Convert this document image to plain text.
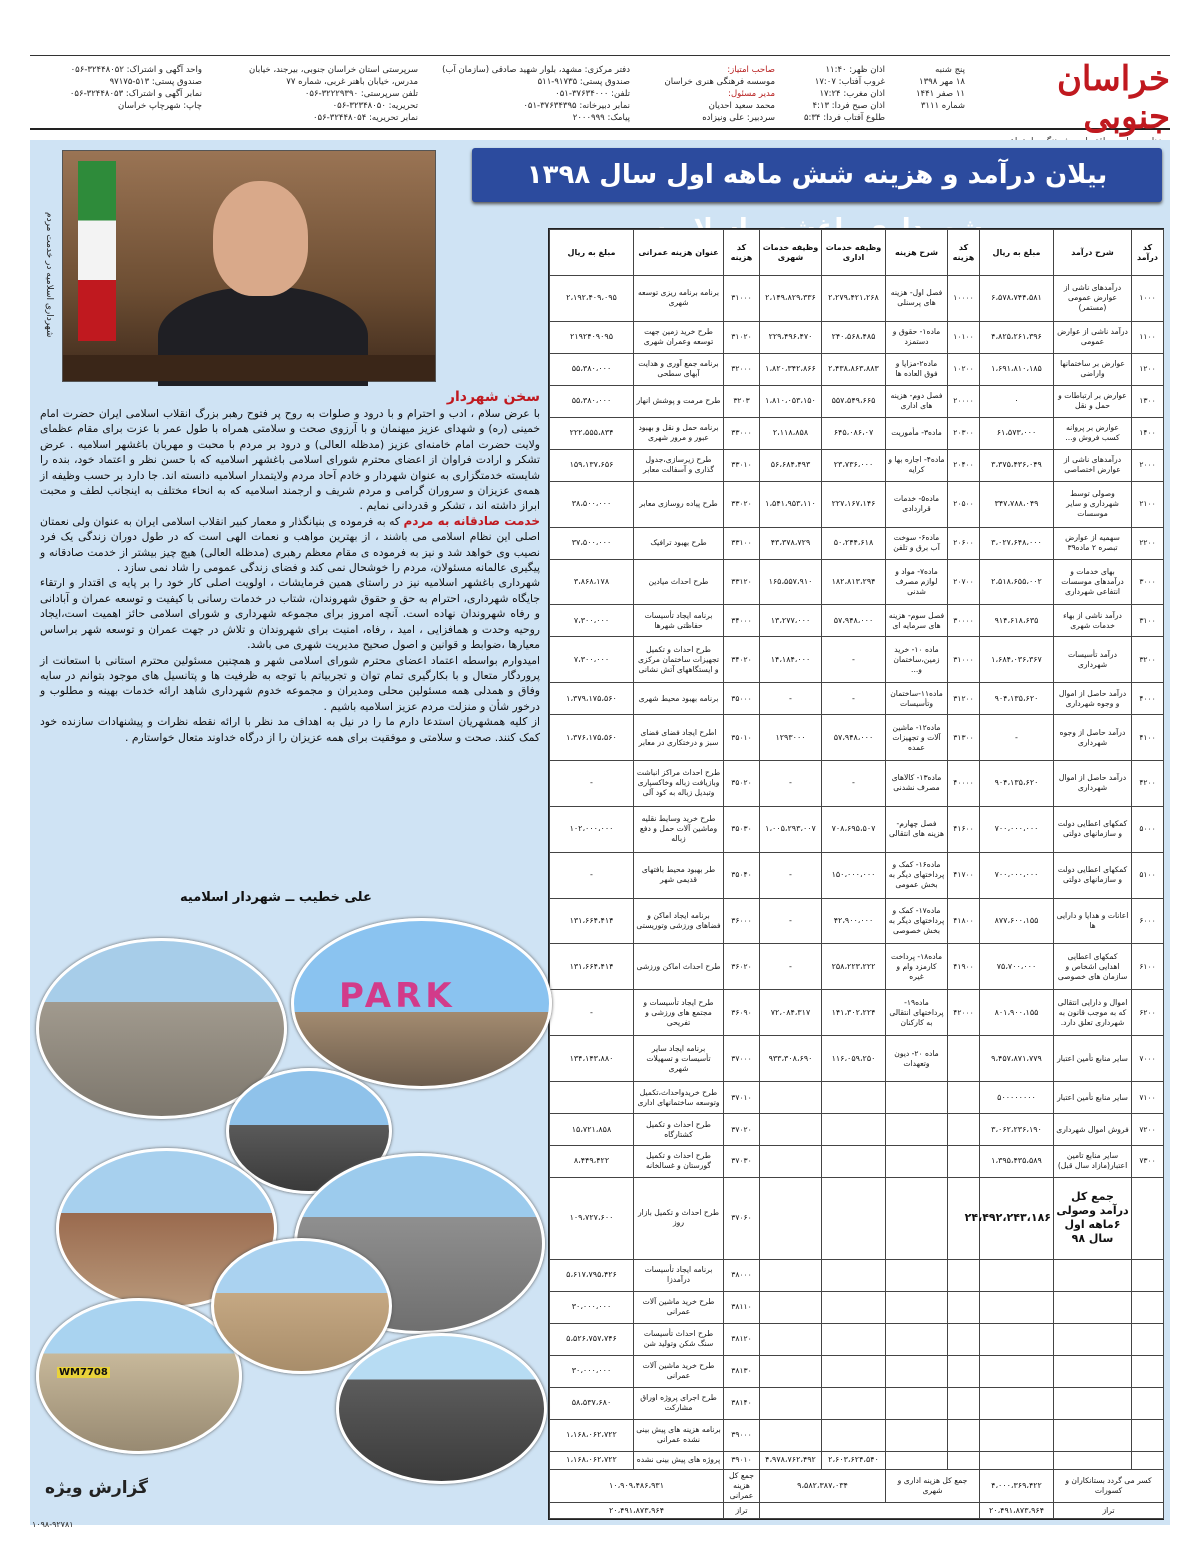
خراسان جنوبی
پنج شنبه
۱۸ مهر ۱۳۹۸
۱۱ صفر ۱۴۴۱
شماره ۳۱۱۱
اذان ظهر: ۱۱:۴۰
غروب آفتاب: ۱۷:۰۷
اذان مغرب: ۱۷:۲۴
اذان صبح فردا: ۴:۱۳
طلوع آفتاب فردا: ۵:۳۴
صاحب امتیاز:
موسسه فرهنگی هنری خراسان
مدیر مسئول:
محمد سعید احدیان
سردبیر: علی ونیزاده
دفتر مرکزی: مشهد، بلوار شهید صادقی (سازمان آب)
صندوق پستی: ۹۱۷۳۵-۵۱۱
تلفن: ۳۷۶۳۴۰۰۰-۰۵۱
نمابر دبیرخانه: ۳۷۶۳۴۳۹۵-۰۵۱
پیامک: ۲۰۰۰۹۹۹
سرپرستی استان خراسان جنوبی، بیرجند، خیابان
مدرس، خیابان باهنر غربی، شماره ۷۷
تلفن سرپرستی: ۳۲۲۲۹۳۹۰-۰۵۶
تحریریه: ۳۲۳۴۸۰۵۰-۰۵۶
نمابر تحریریه: ۳۲۴۴۸۰۵۴-۰۵۶
واحد آگهی و اشتراک: ۳۲۴۴۸۰۵۲-۰۵۶
صندوق پستی: ۵۱۳-۹۷۱۷۵
نمابر آگهی و اشتراک: ۳۲۴۴۸۰۵۳-۰۵۶
چاپ: شهرچاپ خراسان
بیلان درآمد و هزینه شش ماهه اول سال ۱۳۹۸
کد درآمد	شرح درآمد	مبلغ به ریال	کد هزینه	شرح هزینه	وظیفه خدمات اداری	وظیفه خدمات شهری	کد هزینه	عنوان هزینه عمرانی	مبلغ به ریال
۱۰۰۰	درآمدهای ناشی از عوارض عمومی (مستمر)	۶،۵۷۸،۷۴۴،۵۸۱	۱۰۰۰۰	فصل اول- هزینه های پرسنلی	۲،۲۷۹،۴۲۱،۲۶۸	۲،۱۴۹،۸۲۹،۳۳۶	۳۱۰۰۰	برنامه برنامه ریزی توسعه شهری	۲،۱۹۲،۴۰۹،۰۹۵
۱۱۰۰	درآمد ناشی از عوارض عمومی	۴،۸۲۵،۲۶۱،۳۹۶	۱۰۱۰۰	ماده۱- حقوق و دستمزد	۲۴۰،۵۶۸،۴۸۵	۲۲۹،۴۹۶،۴۷۰	۳۱۰۲۰	طرح خرید زمین جهت توسعه وعمران شهری	۲۱۹۲۴۰۹۰۹۵
۱۲۰۰	عوارض بر ساختمانها واراضی	۱،۶۹۱،۸۱۰،۱۸۵	۱۰۲۰۰	ماده۲-مزایا و فوق العاده ها	۲،۴۳۸،۸۶۳،۸۸۳	۱،۸۲۰،۳۴۲،۸۶۶	۳۲۰۰۰	برنامه جمع آوری و هدایت آبهای سطحی	۵۵،۳۸۰،۰۰۰
۱۳۰۰	عوارض بر ارتباطات و حمل و نقل	۰	۲۰۰۰۰	فصل دوم- هزینه های اداری	۵۵۷،۵۴۹،۶۶۵	۱،۸۱۰،۰۵۳،۱۵۰	۳۲۰۳	طرح مرمت و پوشش انهار	۵۵،۳۸۰،۰۰۰
۱۴۰۰	عوارض بر پروانه کسب فروش و...	۶۱،۵۷۳،۰۰۰	۲۰۳۰۰	ماده۳- مأموریت	۶۴۵،۰۸۶،۰۷	۲،۱۱۸،۸۵۸	۳۳۰۰۰	برنامه حمل و نقل و بهبود عبور و مرور شهری	۲۲۲،۵۵۵،۸۳۴
۲۰۰۰	درآمدهای ناشی از عوارض اختصاصی	۳،۳۷۵،۴۳۶،۰۴۹	۲۰۴۰۰	ماده۴- اجاره بها و کرایه	۲۳،۷۳۶،۰۰۰	۵۶،۶۸۴،۴۹۳	۳۳۰۱۰	طرح زیرسازی،جدول گذاری و آسفالت معابر	۱۵۹،۱۳۷،۶۵۶
۲۱۰۰	وصولی توسط شهرداری و سایر موسسات	۳۴۷،۷۸۸،۰۴۹	۲۰۵۰۰	ماده۵- خدمات قراردادی	۲۲۷،۱۶۷،۱۴۶	۱،۵۴۱،۹۵۳،۱۱۰	۳۳۰۲۰	طرح پیاده روسازی معابر	۳۸،۵۰۰،۰۰۰
۲۲۰۰	سهمیه از عوارض تبصره ۲ ماده۳۹	۳،۰۲۷،۶۴۸،۰۰۰	۲۰۶۰۰	ماده۶- سوخت آب برق و تلفن	۵۰،۲۴۴،۶۱۸	۴۳،۳۷۸،۷۲۹	۳۳۱۰۰	طرح بهبود ترافیک	۳۷،۵۰۰،۰۰۰
۳۰۰۰	بهای خدمات و درآمدهای موسسات انتفاعی شهرداری	۲،۵۱۸،۶۵۵،۰۰۲	۲۰۷۰۰	ماده۷- مواد و لوازم مصرف شدنی	۱۸۲،۸۱۳،۲۹۴	۱۶۵،۵۵۷،۹۱۰	۳۳۱۲۰	طرح احداث میادین	۳،۸۶۸،۱۷۸
۳۱۰۰	درآمد ناشی از بهاء خدمات شهری	۹۱۴،۶۱۸،۶۳۵	۳۰۰۰۰	فصل سوم- هزینه های سرمایه ای	۵۷،۹۴۸،۰۰۰	۱۳،۲۷۷،۰۰۰	۳۴۰۰۰	برنامه ایجاد تأسیسات حفاظتی شهرها	۷،۳۰۰،۰۰۰
۳۲۰۰	درآمد تأسیسات شهرداری	۱،۶۸۴،۰۳۶،۳۶۷	۳۱۰۰۰	ماده ۱۰- خرید زمین،ساختمان و...	-	۱۴،۱۸۴،۰۰۰	۳۴۰۲۰	طرح احداث و تکمیل تجهیزات ساختمان مرکزی و ایستگاههای آتش نشانی	۷،۳۰۰،۰۰۰
۴۰۰۰	درآمد حاصل از اموال و وجوه شهرداری	۹۰۴،۱۳۵،۶۲۰	۳۱۲۰۰	ماده۱۱-ساختمان وتأسیسات	-	-	۳۵۰۰۰	برنامه بهبود محیط شهری	۱،۳۷۹،۱۷۵،۵۶۰
۴۱۰۰	درآمد حاصل از وجوه شهرداری	-	۳۱۳۰۰	ماده۱۲- ماشین آلات و تجهیزات عمده	۵۷،۹۴۸،۰۰۰	۱۲۹۳۰۰۰	۳۵۰۱۰	اطرح ایجاد فضای فضای سبز و درختکاری در معابر	۱،۳۷۶،۱۷۵،۵۶۰
۴۲۰۰	درآمد حاصل از اموال شهرداری	۹۰۴،۱۳۵،۶۲۰	۴۰۰۰۰	ماده۱۳- کالاهای مصرف نشدنی	-	-	۳۵۰۲۰	طرح احداث مراکز انباشت وبازیافت زباله وخاکسپاری وتبدیل زباله به کود آلی	-
۵۰۰۰	کمکهای اعطایی دولت و سازمانهای دولتی	۷۰۰،۰۰۰،۰۰۰	۴۱۶۰۰	فصل چهارم- هزینه های انتقالی	۷۰۸،۶۹۵،۵۰۷	۱،۰۰۵،۲۹۳،۰۰۷	۳۵۰۳۰	طرح خرید وسایط نقلیه وماشین آلات حمل و دفع زباله	۱۰۲،۰۰۰،۰۰۰
۵۱۰۰	کمکهای اعطایی دولت و سازمانهای دولتی	۷۰۰،۰۰۰،۰۰۰	۴۱۷۰۰	ماده۱۶- کمک و پرداختهای دیگر به بخش عمومی	۱۵۰،۰۰۰،۰۰۰	-	۳۵۰۴۰	طر بهبود محیط بافتهای قدیمی شهر	-
۶۰۰۰	اعانات و هدایا و دارایی ها	۸۷۷،۶۰۰،۱۵۵	۴۱۸۰۰	ماده۱۷- کمک و پرداختهای دیگر به بخش خصوصی	۴۲،۹۰۰،۰۰۰	-	۳۶۰۰۰	برنامه ایجاد اماکن و فضاهای ورزشی وتوریستی	۱۳۱،۶۶۴،۴۱۴
۶۱۰۰	کمکهای اعطایی اهدایی اشخاص و سازمان های خصوصی	۷۵،۷۰۰،۰۰۰	۴۱۹۰۰	ماده۱۸- پرداخت کارمزد وام و غیره	۲۵۸،۲۲۳،۲۲۲	-	۳۶۰۲۰	طرح احداث اماکن ورزشی	۱۳۱،۶۶۴،۴۱۴
۶۲۰۰	اموال و دارایی انتقالی که به موجب قانون به شهرداری تعلق دارد.	۸۰۱،۹۰۰،۱۵۵	۴۲۰۰۰	ماده۱۹- پرداختهای انتقالی به کارکنان	۱۴۱،۳۰۲،۲۲۴	۷۲،۰۸۴،۳۱۷	۳۶۰۹۰	طرح ایجاد تأسیسات و مجتمع های ورزشی و تفریحی	-
۷۰۰۰	سایر منابع تأمین اعتبار	۹،۴۵۷،۸۷۱،۷۷۹		ماده ۲۰- دیون وتعهدات	۱۱۶،۰۵۹،۲۵۰	۹۳۳،۳۰۸،۶۹۰	۳۷۰۰۰	برنامه ایجاد سایر تأسیسات و تسهیلات شهری	۱۳۴،۱۴۳،۸۸۰
۷۱۰۰	سایر منابع تأمین اعتبار	۵۰۰۰۰۰۰۰۰					۳۷۰۱۰	طرح خریدواحداث،تکمیل وتوسعه ساختمانهای اداری	
۷۲۰۰	فروش اموال شهرداری	۳،۰۶۲،۲۳۶،۱۹۰					۳۷۰۲۰	طرح احداث و تکمیل کشتارگاه	۱۵،۷۲۱،۸۵۸
۷۳۰۰	سایر منابع تامین اعتبار(مازاد سال قبل)	۱،۳۹۵،۴۳۵،۵۸۹					۳۷۰۳۰	طرح احداث و تکمیل گورستان و غسالخانه	۸،۴۴۹،۴۲۲
	جمع کل درآمد وصولی ۶ماهه اول سال ۹۸	۲۴،۴۹۲،۲۴۳،۱۸۶					۳۷۰۶۰	طرح احداث و تکمیل بازار روز	۱۰۹،۷۲۷،۶۰۰
							۳۸۰۰۰	برنامه ایجاد تأسیسات درآمدزا	۵،۶۱۷،۷۹۵،۴۲۶
							۳۸۱۱۰	طرح خرید ماشین آلات عمرانی	۳۰،۰۰۰،۰۰۰
							۳۸۱۲۰	طرح احداث تأسیسات سنگ شکن وتولید شن	۵،۵۲۶،۷۵۷،۷۴۶
							۳۸۱۳۰	طرح خرید ماشین آلات عمرانی	۳۰،۰۰۰،۰۰۰
							۳۸۱۴۰	طرح اجرای پروژه اوراق مشارکت	۵۸،۵۳۷،۶۸۰
							۳۹۰۰۰	برنامه هزینه های پیش بینی نشده عمرانی	۱،۱۶۸،۰۶۲،۷۲۲
					۲،۶۰۳،۶۲۴،۵۴۰	۴،۹۷۸،۷۶۲،۴۹۲	۳۹۰۱۰	پروژه های پیش بینی نشده	۱،۱۶۸،۰۶۲،۷۲۲
کسر می گردد بستانکاران و کسورات		۴،۰۰۰،۳۶۹،۴۲۲	جمع کل هزینه اداری و شهری		۹،۵۸۲،۳۸۷،۰۳۴		جمع کل هزینه عمرانی	۱۰،۹۰۹،۴۸۶،۹۳۱	
تراز		۲۰،۴۹۱،۸۷۳،۹۶۴					تراز	۲۰،۴۹۱،۸۷۳،۹۶۴	
شهرداری اسلامیه در خدمت مردم
سخن شهردار

با عرض سلام ، ادب و احترام و با درود و صلوات به روح پر فتوح رهبر بزرگ انقلاب اسلامی ایران حضرت امام خمینی (ره) و شهدای عزیز میهنمان و با آرزوی صحت و سلامتی همراه با طول عمر با عزت برای مقام عظمای ولایت حضرت امام خامنه‌ای عزیز (مدظله العالی) و درود بر مردم با محبت و مهربان باغشهر اسلامیه . عرض تشکر و ارادت فراوان از اعضای محترم شورای اسلامی باغشهر اسلامیه که با حسن نظر و اعتماد خود، بنده را شایسته خدمتگزاری به عنوان شهردار و خادم آحاد مردم ولایتمدار اسلامیه دانسته اند. جا دارد بر حسب وظیفه از همه‌ی عزیزان و سروران گرامی و مردم شریف و ارجمند اسلامیه که به انحاء مختلف به اینجانب لطف و محبت ابراز داشته اند ، تشکر و قدردانی نمایم .

خدمت صادقانه به مردم که به فرموده ی بنیانگذار و معمار کبیر انقلاب اسلامی ایران به عنوان ولی نعمتان اصلی این نظام اسلامی می باشند ، از بهترین مواهب و نعمات الهی است که در طول دوران زندگی یک فرد نصیب وی خواهد شد و نیز به فرموده ی مقام معظم رهبری (مدظله العالی) هیچ چیز بیشتر از خدمت صادقانه و پیگیری عالمانه مسئولان، مردم را خوشحال نمی کند و فضای زندگی عمومی را شاد نمی سازد .

شهرداری باغشهر اسلامیه نیز در راستای همین فرمایشات ، اولویت اصلی کار خود را بر پایه ی اقتدار و ارتقاء جایگاه شهرداری، احترام به حق و حقوق شهروندان، شتاب در خدمات رسانی با کیفیت و توسعه عمران و آبادانی و رفاه شهروندان نهاده است. آنچه امروز برای مجموعه شهرداری و شورای اسلامی حائز اهمیت است،ایجاد روحیه وحدت و همافزایی ، امید ، رفاه، امنیت برای شهروندان و تلاش در جهت عمران و توسعه شهر براساس معیارها ،ضوابط و قوانین و اصول صحیح مدیریت شهری می باشد.

امیدوارم بواسطه اعتماد اعضای محترم شورای اسلامی شهر و همچنین مسئولین محترم استانی با استعانت از پروردگار متعال و با بکارگیری تمام توان و تجربیاتم با توجه به ظرفیت ها و پتانسیل های موجود بتوانم در سایه وفاق و همدلی همه مسئولین محلی ومدیران و مجموعه خدوم شهرداری شاهد ارائه خدمات بهینه و مطلوب و درخور شأن و منزلت مردم عزیز اسلامیه باشیم .

از کلیه همشهریان استدعا دارم ما را در نیل به اهداف مد نظر با ارائه نقطه نظرات و پیشنهادات سازنده خود کمک کنند. صحت و سلامتی و موفقیت برای همه عزیزان را از درگاه خداوند متعال خواستارم .

علی خطیب ــ شهردار اسلامیه
PARK
WM7708
گزارش ویژه
۱۰۹۸-۹۲۷۸۱
